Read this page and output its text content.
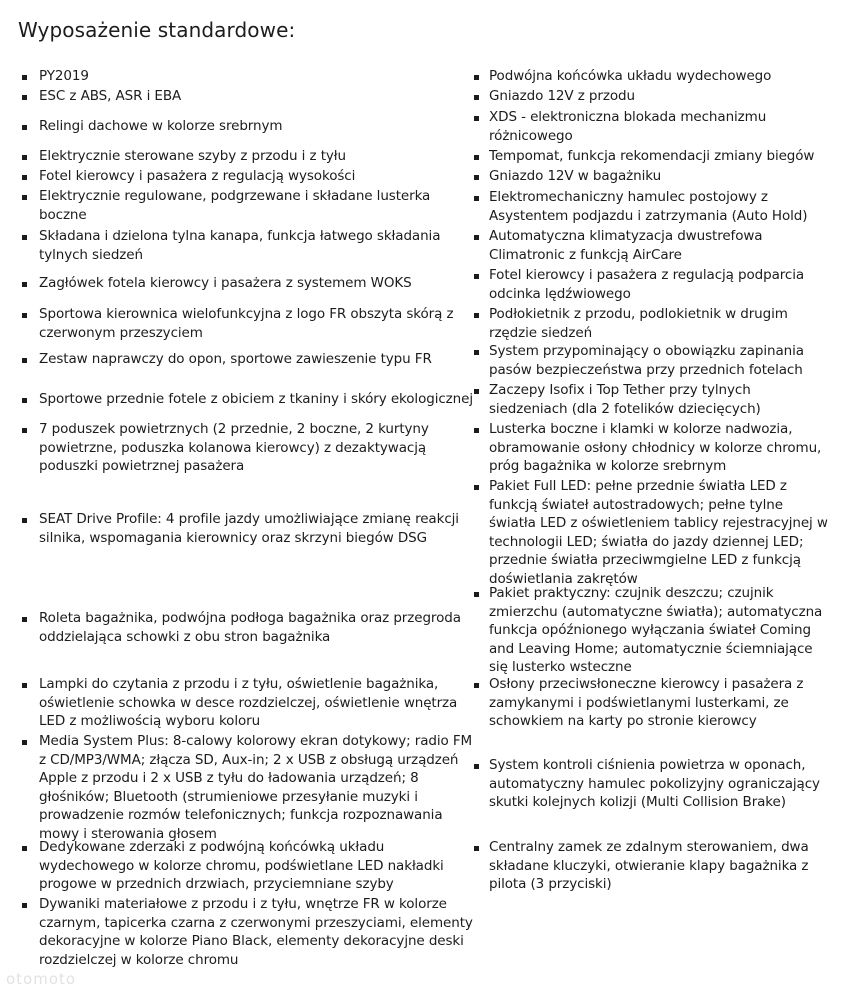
Wyposażenie standardowe:
PY2019
ESC z ABS, ASR i EBA
Relingi dachowe w kolorze srebrnym
Elektrycznie sterowane szyby z przodu i z tyłu
Fotel kierowcy i pasażera z regulacją wysokości
Elektrycznie regulowane, podgrzewane i składane lusterka boczne
Składana i dzielona tylna kanapa, funkcja łatwego składania tylnych siedzeń
Zagłówek fotela kierowcy i pasażera z systemem WOKS
Sportowa kierownica wielofunkcyjna z logo FR obszyta skórą z czerwonym przeszyciem
Zestaw naprawczy do opon, sportowe zawieszenie typu FR
Sportowe przednie fotele z obiciem z tkaniny i skóry ekologicznej
7 poduszek powietrznych (2 przednie, 2 boczne, 2 kurtyny powietrzne, poduszka kolanowa kierowcy) z dezaktywacją poduszki powietrznej pasażera
SEAT Drive Profile: 4 profile jazdy umożliwiające zmianę reakcji silnika, wspomagania kierownicy oraz skrzyni biegów DSG
Roleta bagażnika, podwójna podłoga bagażnika oraz przegroda oddzielająca schowki z obu stron bagażnika
Lampki do czytania z przodu i z tyłu, oświetlenie bagażnika, oświetlenie schowka w desce rozdzielczej, oświetlenie wnętrza LED z możliwością wyboru koloru
Media System Plus: 8-calowy kolorowy ekran dotykowy; radio FM z CD/MP3/WMA; złącza SD, Aux-in; 2 x USB z obsługą urządzeń Apple z przodu i 2 x USB z tyłu do ładowania urządzeń; 8 głośników; Bluetooth (strumieniowe przesyłanie muzyki i prowadzenie rozmów telefonicznych; funkcja rozpoznawania mowy i sterowania głosem
Dedykowane zderzaki z podwójną końcówką układu wydechowego w kolorze chromu, podświetlane LED nakładki progowe w przednich drzwiach, przyciemniane szyby
Dywaniki materiałowe z przodu i z tyłu, wnętrze FR w kolorze czarnym, tapicerka czarna z czerwonymi przeszyciami, elementy dekoracyjne w kolorze Piano Black, elementy dekoracyjne deski rozdzielczej w kolorze chromu
Podwójna końcówka układu wydechowego
Gniazdo 12V z przodu
XDS - elektroniczna blokada mechanizmu różnicowego
Tempomat, funkcja rekomendacji zmiany biegów
Gniazdo 12V w bagażniku
Elektromechaniczny hamulec postojowy z Asystentem podjazdu i zatrzymania (Auto Hold)
Automatyczna klimatyzacja dwustrefowa Climatronic z funkcją AirCare
Fotel kierowcy i pasażera z regulacją podparcia odcinka lędźwiowego
Podłokietnik z przodu, podlokietnik w drugim rzędzie siedzeń
System przypominający o obowiązku zapinania pasów bezpieczeństwa przy przednich fotelach
Zaczepy Isofix i Top Tether przy tylnych siedzeniach (dla 2 fotelików dziecięcych)
Lusterka boczne i klamki w kolorze nadwozia, obramowanie osłony chłodnicy w kolorze chromu, próg bagażnika w kolorze srebrnym
Pakiet Full LED: pełne przednie światła LED z funkcją świateł autostradowych; pełne tylne światła LED z oświetleniem tablicy rejestracyjnej w technologii LED; światła do jazdy dziennej LED; przednie światła przeciwmgielne LED z funkcją doświetlania zakrętów
Pakiet praktyczny: czujnik deszczu; czujnik zmierzchu (automatyczne światła); automatyczna funkcja opóźnionego wyłączania świateł Coming and Leaving Home; automatycznie ściemniające się lusterko wsteczne
Osłony przeciwsłoneczne kierowcy i pasażera z zamykanymi i podświetlanymi lusterkami, ze schowkiem na karty po stronie kierowcy
System kontroli ciśnienia powietrza w oponach, automatyczny hamulec pokolizyjny ograniczający skutki kolejnych kolizji (Multi Collision Brake)
Centralny zamek ze zdalnym sterowaniem, dwa składane kluczyki, otwieranie klapy bagażnika z pilota (3 przyciski)
otomoto
